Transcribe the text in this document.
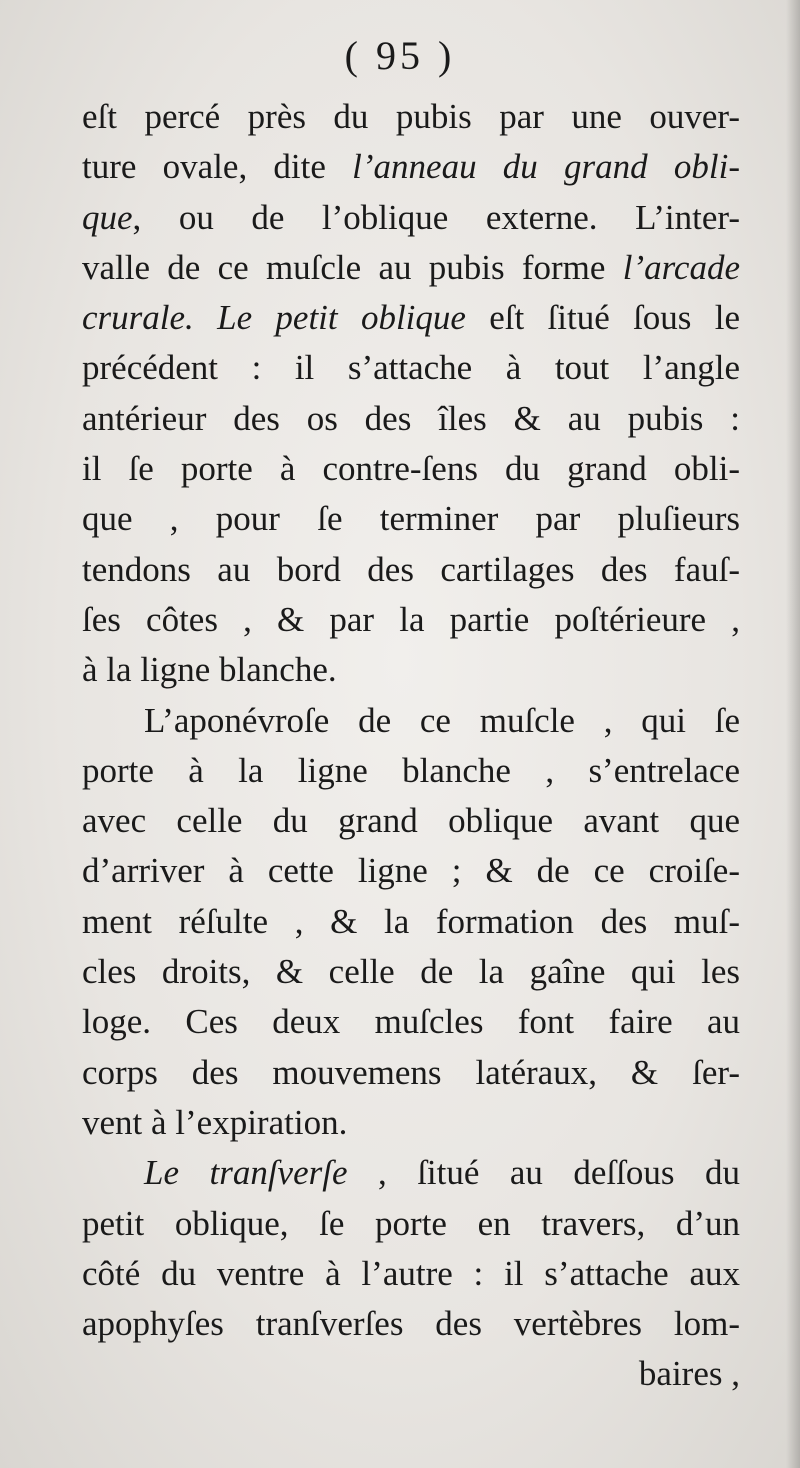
( 95 )
eſt percé près du pubis par une ouver-
ture ovale, dite l’anneau du grand obli-
que, ou de l’oblique externe. L’inter-
valle de ce muſcle au pubis forme l’arcade
crurale. Le petit oblique eſt ſitué ſous le
précédent : il s’attache à tout l’angle
antérieur des os des îles & au pubis :
il ſe porte à contre-ſens du grand obli-
que , pour ſe terminer par pluſieurs
tendons au bord des cartilages des fauſ-
ſes côtes , & par la partie poſtérieure ,
à la ligne blanche.
L’aponévroſe de ce muſcle , qui ſe
porte à la ligne blanche , s’entrelace
avec celle du grand oblique avant que
d’arriver à cette ligne ; & de ce croiſe-
ment réſulte , & la formation des muſ-
cles droits, & celle de la gaîne qui les
loge. Ces deux muſcles font faire au
corps des mouvemens latéraux, & ſer-
vent à l’expiration.
Le tranſverſe , ſitué au deſſous du
petit oblique, ſe porte en travers, d’un
côté du ventre à l’autre : il s’attache aux
apophyſes tranſverſes des vertèbres lom-
baires ,
